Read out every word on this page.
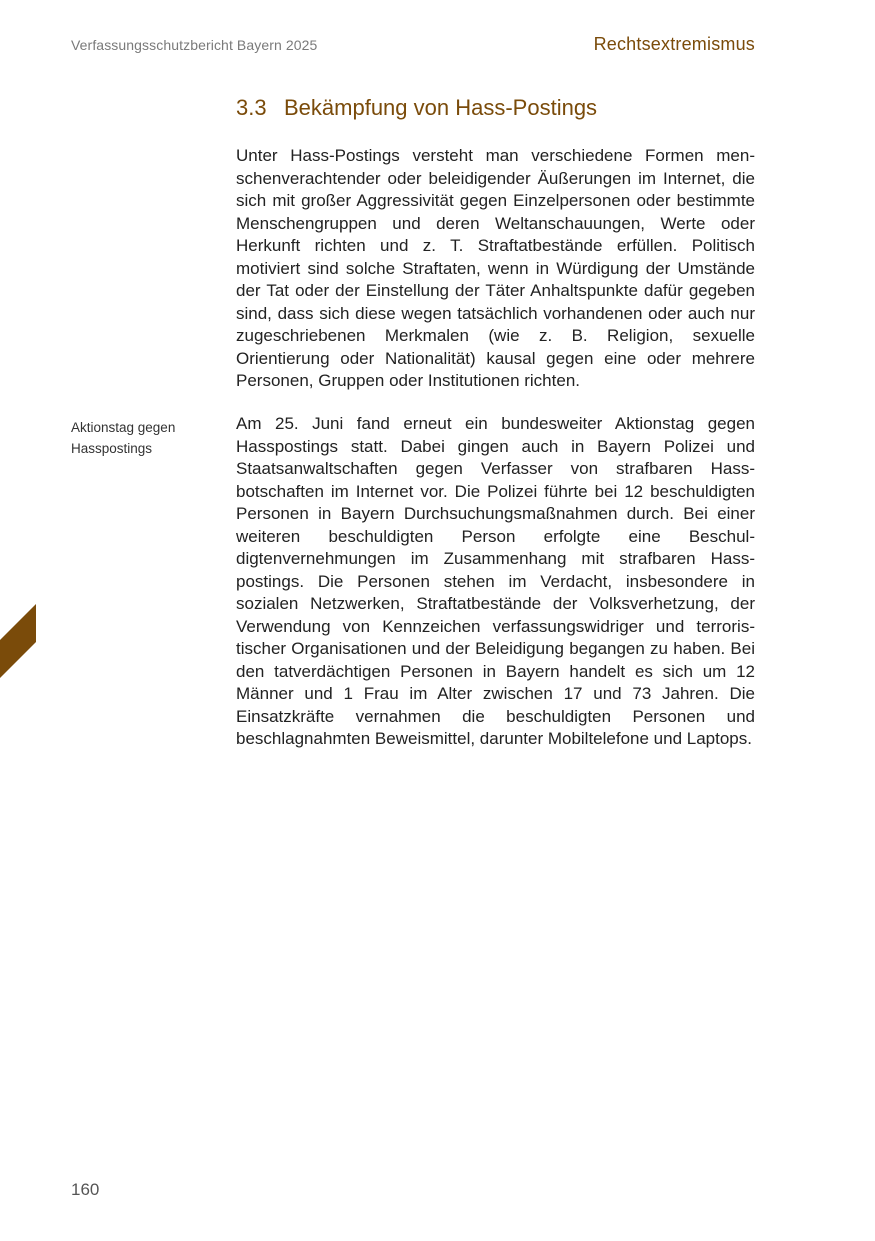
Verfassungsschutzbericht Bayern 2025	Rechtsextremismus
3.3 Bekämpfung von Hass-Postings

Unter Hass-Postings versteht man verschiedene Formen menschenverachtender oder beleidigender Äußerungen im Internet, die sich mit großer Aggressivität gegen Einzelpersonen oder bestimmte Menschengruppen und deren Weltanschauungen, Werte oder Herkunft richten und z. T. Straftatbestände erfüllen. Politisch motiviert sind solche Straftaten, wenn in Würdigung der Umstände der Tat oder der Einstellung der Täter Anhaltspunkte dafür gegeben sind, dass sich diese wegen tatsächlich vorhandenen oder auch nur zugeschriebenen Merkmalen (wie z. B. Religion, sexuelle Orientierung oder Nationalität) kausal gegen eine oder mehrere Personen, Gruppen oder Institutionen richten.

Aktionstag gegen
Hasspostings

Am 25. Juni fand erneut ein bundesweiter Aktionstag gegen Hasspostings statt. Dabei gingen auch in Bayern Polizei und Staatsanwaltschaften gegen Verfasser von strafbaren Hassbotschaften im Internet vor. Die Polizei führte bei 12 beschuldigten Personen in Bayern Durchsuchungsmaßnahmen durch. Bei einer weiteren beschuldigten Person erfolgte eine Beschuldigtenvernehmungen im Zusammenhang mit strafbaren Hasspostings. Die Personen stehen im Verdacht, insbesondere in sozialen Netzwerken, Straftatbestände der Volksverhetzung, der Verwendung von Kennzeichen verfassungswidriger und terroristischer Organisationen und der Beleidigung begangen zu haben. Bei den tatverdächtigen Personen in Bayern handelt es sich um 12 Männer und 1 Frau im Alter zwischen 17 und 73 Jahren. Die Einsatzkräfte vernahmen die beschuldigten Personen und beschlagnahmten Beweismittel, darunter Mobiltelefone und Laptops.

160
